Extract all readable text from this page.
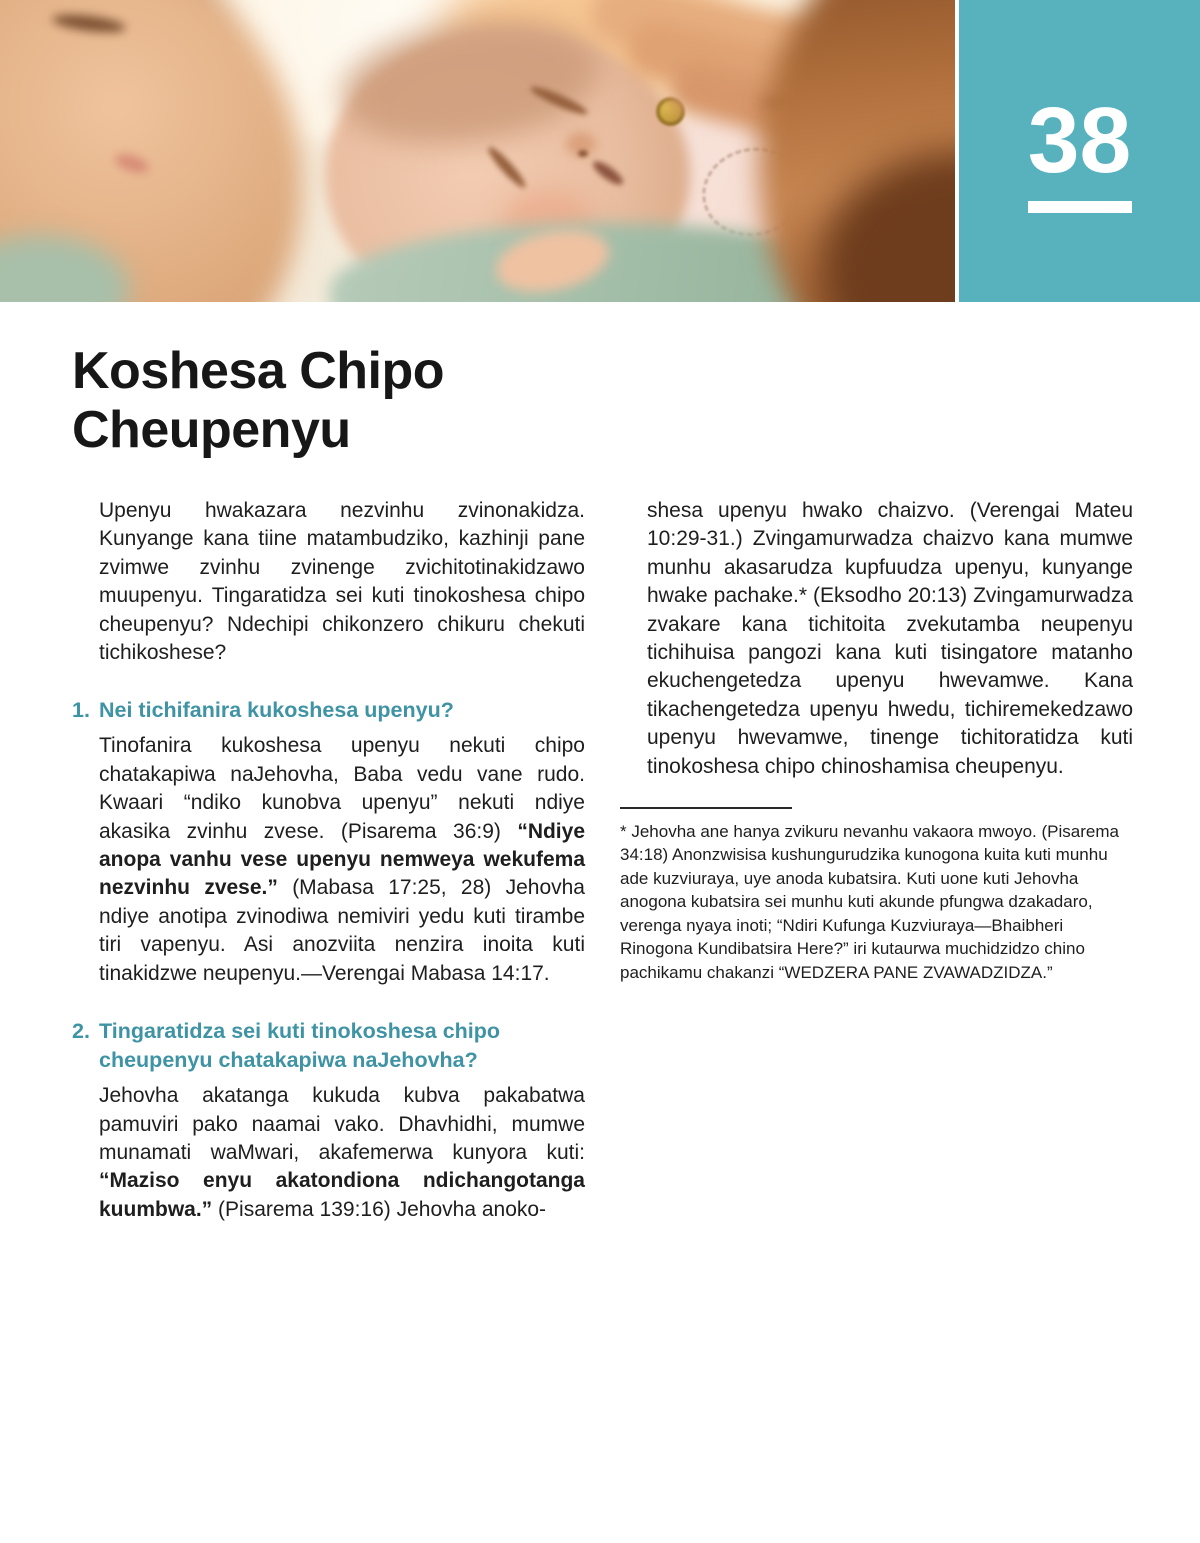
38
Koshesa Chipo
Cheupenyu

Upenyu hwakazara nezvinhu zvinonakidza. Kunyange kana tiine matambudziko, kazhinji pane zvimwe zvinhu zvinenge zvichitotinakidzawo muupenyu. Tingaratidza sei kuti tinokoshesa chipo cheupenyu? Ndechipi chikonzero chikuru chekuti tichikoshese?

1. Nei tichifanira kukoshesa upenyu?

Tinofanira kukoshesa upenyu nekuti chipo chatakapiwa naJehovha, Baba vedu vane rudo. Kwaari “ndiko kunobva upenyu” nekuti ndiye akasika zvinhu zvese. (Pisarema 36:9) “Ndiye anopa vanhu vese upenyu nemweya wekufema nezvinhu zvese.” (Mabasa 17:25, 28) Jehovha ndiye anotipa zvinodiwa nemiviri yedu kuti tirambe tiri vapenyu. Asi anozviita nenzira inoita kuti tinakidzwe neupenyu.—Verengai Mabasa 14:17.

2. Tingaratidza sei kuti tinokoshesa chipo cheupenyu chatakapiwa naJehovha?

Jehovha akatanga kukuda kubva pakabatwa pamuviri pako naamai vako. Dhavhidhi, mumwe munamati waMwari, akafemerwa kunyora kuti: “Maziso enyu akatondiona ndichangotanga kuumbwa.” (Pisarema 139:16) Jehovha anoko-

shesa upenyu hwako chaizvo. (Verengai Mateu 10:29-31.) Zvingamurwadza chaizvo kana mumwe munhu akasarudza kupfuudza upenyu, kunyange hwake pachake.* (Eksodho 20:13) Zvingamurwadza zvakare kana tichitoita zvekutamba neupenyu tichihuisa pangozi kana kuti tisingatore matanho ekuchengetedza upenyu hwevamwe. Kana tikachengetedza upenyu hwedu, tichiremekedzawo upenyu hwevamwe, tinenge tichitoratidza kuti tinokoshesa chipo chinoshamisa cheupenyu.

* Jehovha ane hanya zvikuru nevanhu vakaora mwoyo. (Pisarema 34:18) Anonzwisisa kushungurudzika kunogona kuita kuti munhu ade kuzviuraya, uye anoda kubatsira. Kuti uone kuti Jehovha anogona kubatsira sei munhu kuti akunde pfungwa dzakadaro, verenga nyaya inoti; “Ndiri Kufunga Kuzviuraya—Bhaibheri Rinogona Kundibatsira Here?” iri kutaurwa muchidzidzo chino pachikamu chakanzi “WEDZERA PANE ZVAWADZIDZA.”
